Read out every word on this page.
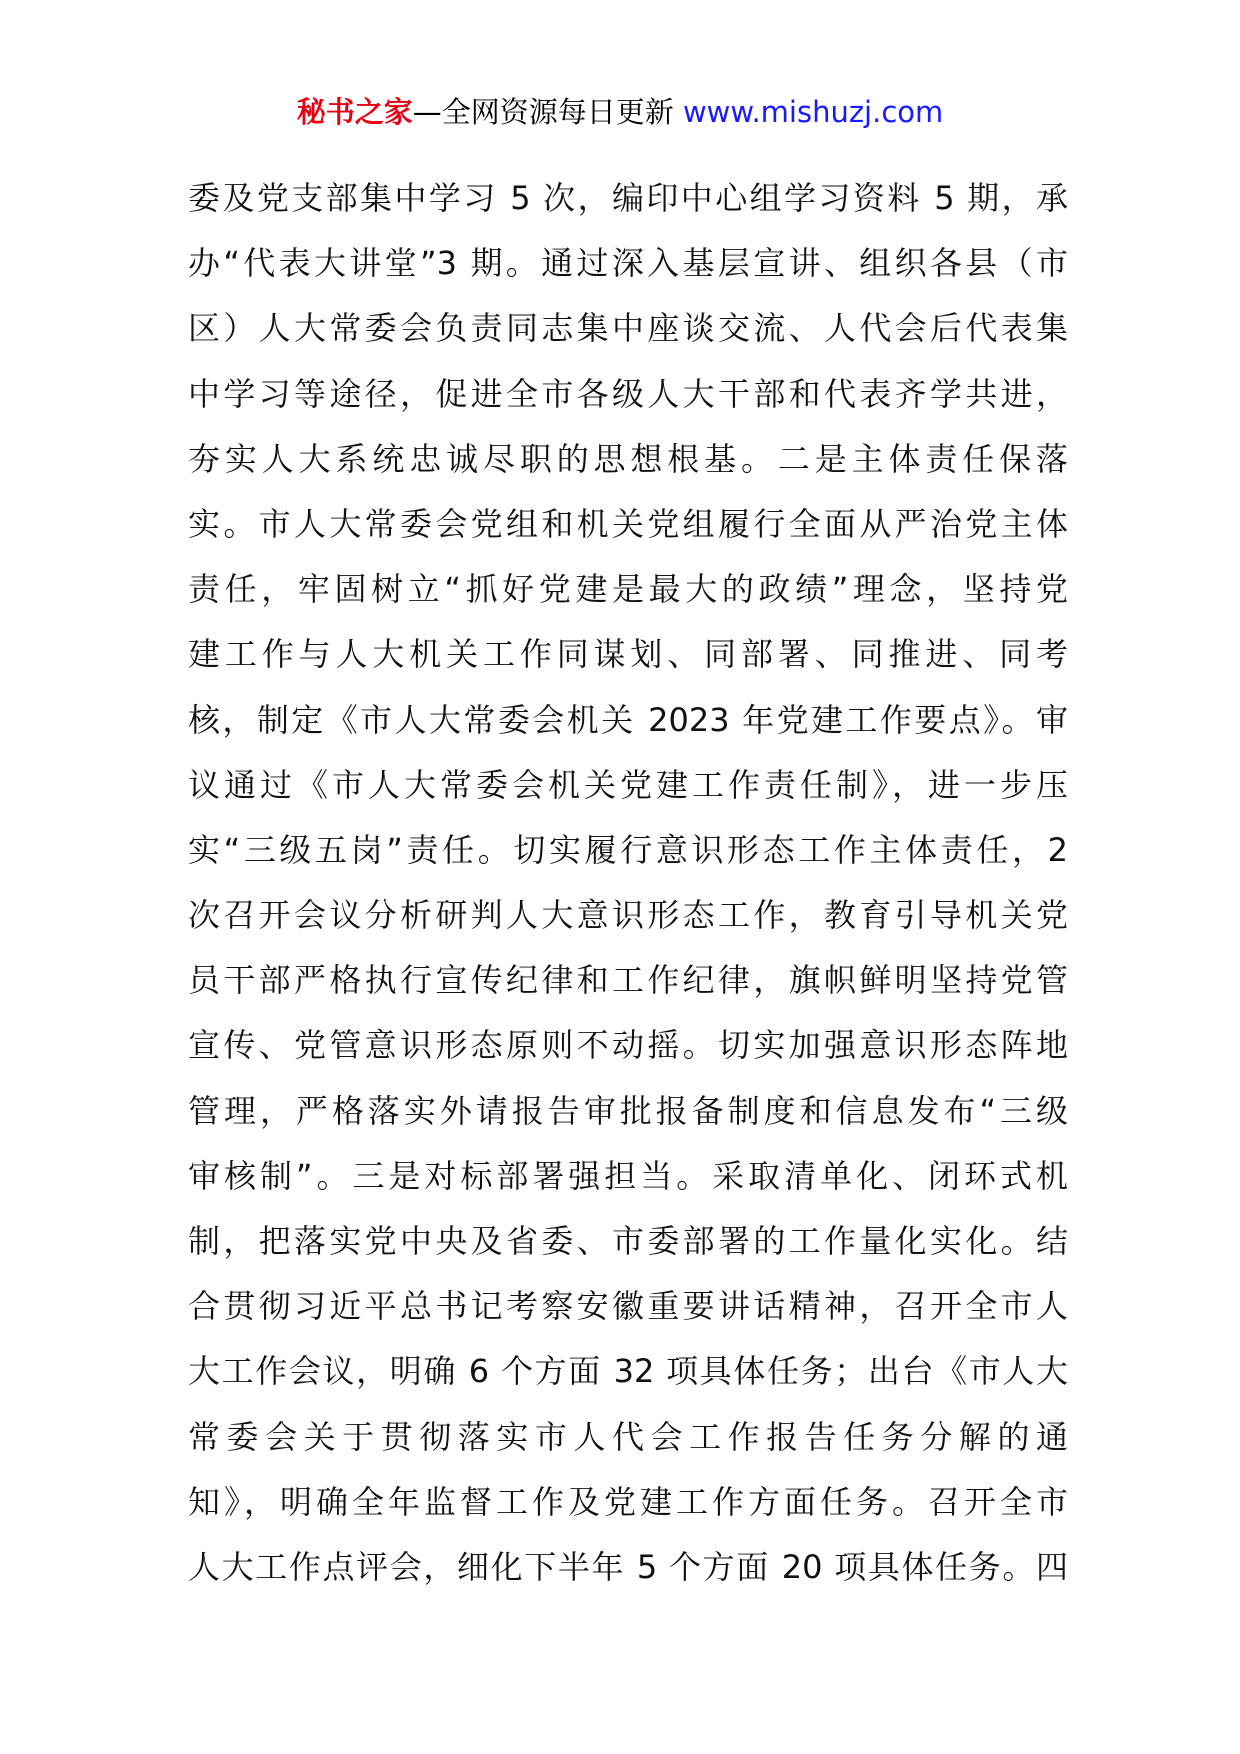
秘书之家—全网资源每日更新 www.mishuzj.com
委及党支部集中学习 5 次，编印中心组学习资料 5 期，承
办“代表大讲堂”3 期。通过深入基层宣讲、组织各县（市
区）人大常委会负责同志集中座谈交流、人代会后代表集
中学习等途径，促进全市各级人大干部和代表齐学共进，
夯实人大系统忠诚尽职的思想根基。二是主体责任保落
实。市人大常委会党组和机关党组履行全面从严治党主体
责任，牢固树立“抓好党建是最大的政绩”理念，坚持党
建工作与人大机关工作同谋划、同部署、同推进、同考
核，制定《市人大常委会机关 2023 年党建工作要点》。审
议通过《市人大常委会机关党建工作责任制》，进一步压
实“三级五岗”责任。切实履行意识形态工作主体责任，2
次召开会议分析研判人大意识形态工作，教育引导机关党
员干部严格执行宣传纪律和工作纪律，旗帜鲜明坚持党管
宣传、党管意识形态原则不动摇。切实加强意识形态阵地
管理，严格落实外请报告审批报备制度和信息发布“三级
审核制”。三是对标部署强担当。采取清单化、闭环式机
制，把落实党中央及省委、市委部署的工作量化实化。结
合贯彻习近平总书记考察安徽重要讲话精神，召开全市人
大工作会议，明确 6 个方面 32 项具体任务；出台《市人大
常委会关于贯彻落实市人代会工作报告任务分解的通
知》，明确全年监督工作及党建工作方面任务。召开全市
人大工作点评会，细化下半年 5 个方面 20 项具体任务。四
